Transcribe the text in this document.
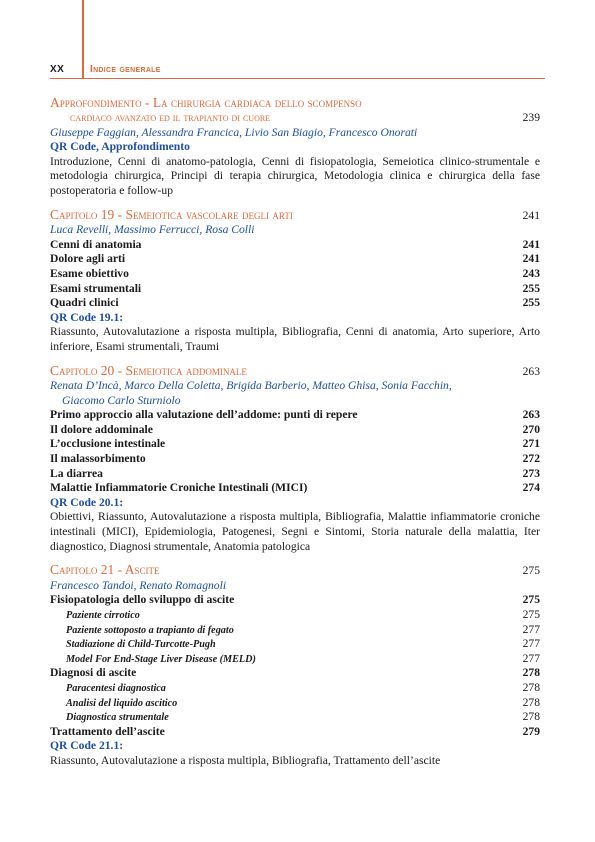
XX	Indice generale
Approfondimento - La chirurgia cardiaca dello scompenso
cardiaco avanzato ed il trapianto di cuore	239
Giuseppe Faggian, Alessandra Francica, Livio San Biagio, Francesco Onorati
QR Code, Approfondimento
Introduzione, Cenni di anatomo-patologia, Cenni di fisiopatologia, Semeiotica clinico-strumentale e metodologia chirurgica, Principi di terapia chirurgica, Metodologia clinica e chirurgica della fase postoperatoria e follow-up
Capitolo 19 - Semeiotica vascolare degli arti	241
Luca Revelli, Massimo Ferrucci, Rosa Colli
Cenni di anatomia	241
Dolore agli arti	241
Esame obiettivo	243
Esami strumentali	255
Quadri clinici	255
QR Code 19.1:
Riassunto, Autovalutazione a risposta multipla, Bibliografia, Cenni di anatomia, Arto superiore, Arto inferiore, Esami strumentali, Traumi
Capitolo 20 - Semeiotica addominale	263
Renata D’Incà, Marco Della Coletta, Brigida Barberio, Matteo Ghisa, Sonia Facchin,
Giacomo Carlo Sturniolo
Primo approccio alla valutazione dell’addome: punti di repere	263
Il dolore addominale	270
L’occlusione intestinale	271
Il malassorbimento	272
La diarrea	273
Malattie Infiammatorie Croniche Intestinali (MICI)	274
QR Code 20.1:
Obiettivi, Riassunto, Autovalutazione a risposta multipla, Bibliografia, Malattie infiammatorie croniche intestinali (MICI), Epidemiologia, Patogenesi, Segni e Sintomi, Storia naturale della malattia, Iter diagnostico, Diagnosi strumentale, Anatomia patologica
Capitolo 21 - Ascite	275
Francesco Tandoi, Renato Romagnoli
Fisiopatologia dello sviluppo di ascite	275
Paziente cirrotico	275
Paziente sottoposto a trapianto di fegato	277
Stadiazione di Child-Turcotte-Pugh	277
Model For End-Stage Liver Disease (MELD)	277
Diagnosi di ascite	278
Paracentesi diagnostica	278
Analisi del liquido ascitico	278
Diagnostica strumentale	278
Trattamento dell’ascite	279
QR Code 21.1:
Riassunto, Autovalutazione a risposta multipla, Bibliografia, Trattamento dell’ascite
